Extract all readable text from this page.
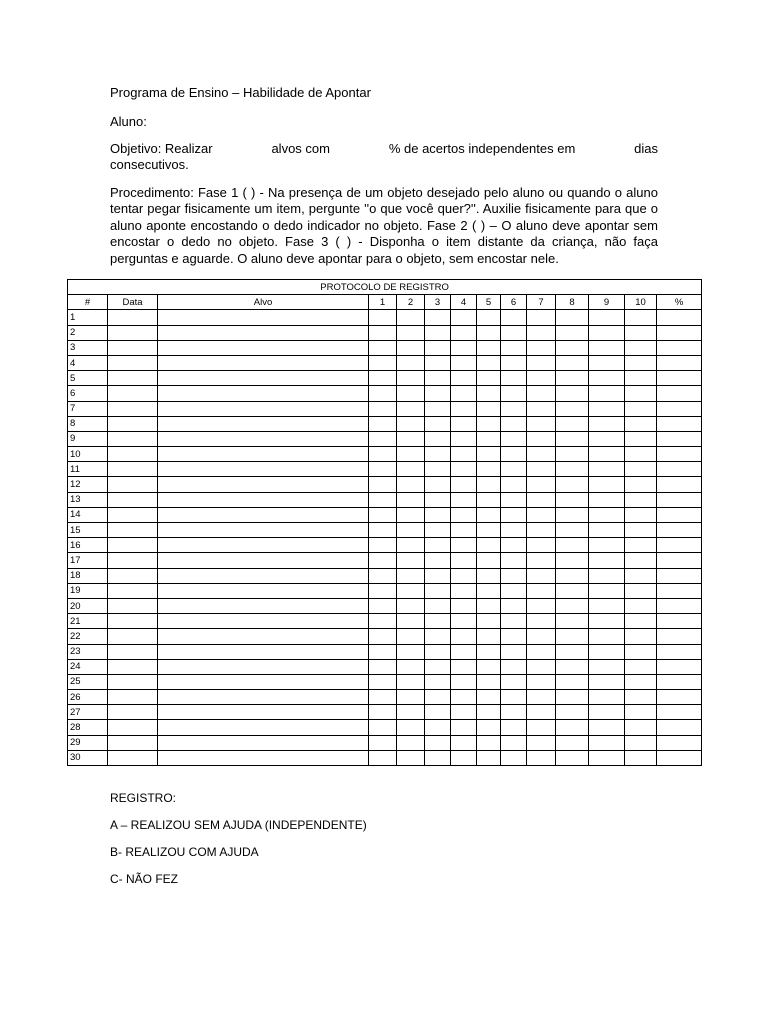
Programa de Ensino – Habilidade de Apontar
Aluno:
Objetivo: Realizar	alvos com	% de acertos independentes em	dias
consecutivos.
Procedimento: Fase 1 ( ) - Na presença de um objeto desejado pelo aluno ou quando o aluno tentar pegar fisicamente um item, pergunte ''o que você quer?''. Auxilie fisicamente para que o aluno aponte encostando o dedo indicador no objeto. Fase 2 ( ) – O aluno deve apontar sem encostar o dedo no objeto. Fase 3 ( ) - Disponha o item distante da criança, não faça perguntas e aguarde. O aluno deve apontar para o objeto, sem encostar nele.
PROTOCOLO DE REGISTRO													
#	Data	Alvo	1	2	3	4	5	6	7	8	9	10	%
1													
2													
3													
4													
5													
6													
7													
8													
9													
10													
11													
12													
13													
14													
15													
16													
17													
18													
19													
20													
21													
22													
23													
24													
25													
26													
27													
28													
29													
30													
REGISTRO:
A – REALIZOU SEM AJUDA (INDEPENDENTE)
B- REALIZOU COM AJUDA
C- NÃO FEZ
